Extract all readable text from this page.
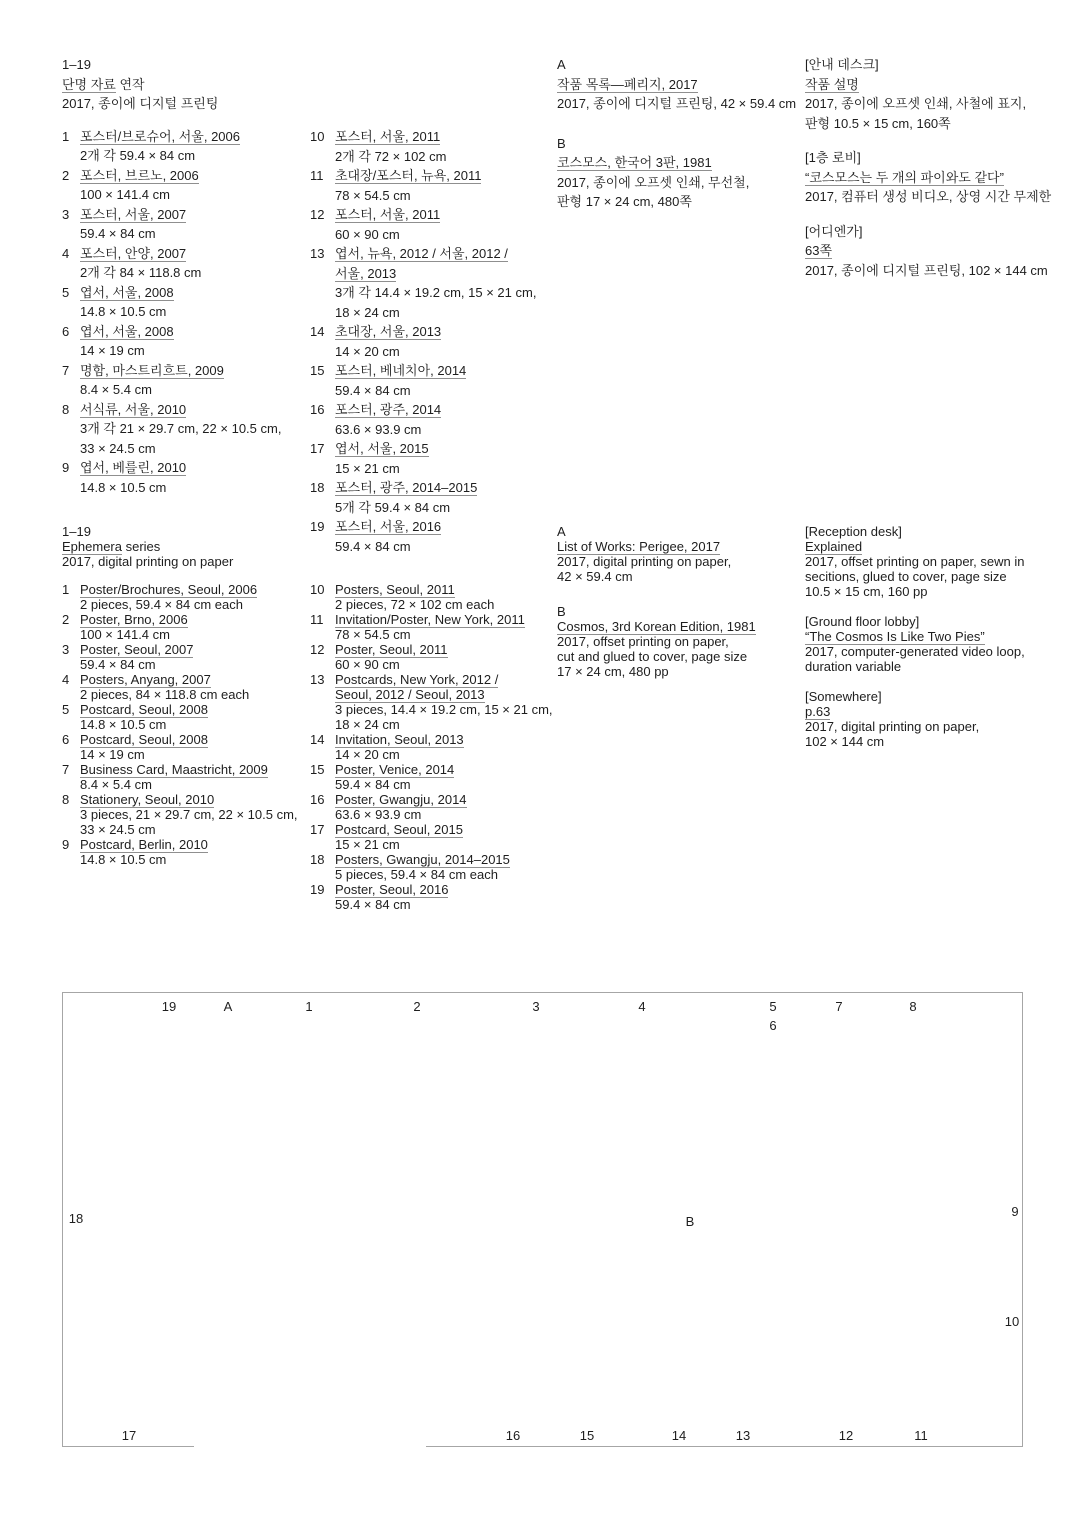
1–19
단명 자료 연작
2017, 종이에 디지털 프린팅
1 포스터/브로슈어, 서울, 2006
2개 각 59.4 × 84 cm
2 포스터, 브르노, 2006
100 × 141.4 cm
3 포스터, 서울, 2007
59.4 × 84 cm
4 포스터, 안양, 2007
2개 각 84 × 118.8 cm
5 엽서, 서울, 2008
14.8 × 10.5 cm
6 엽서, 서울, 2008
14 × 19 cm
7 명함, 마스트리흐트, 2009
8.4 × 5.4 cm
8 서식류, 서울, 2010
3개 각 21 × 29.7 cm, 22 × 10.5 cm,
33 × 24.5 cm
9 엽서, 베를린, 2010
14.8 × 10.5 cm
10 포스터, 서울, 2011
2개 각 72 × 102 cm
11 초대장/포스터, 뉴욕, 2011
78 × 54.5 cm
12 포스터, 서울, 2011
60 × 90 cm
13 엽서, 뉴욕, 2012 / 서울, 2012 /
서울, 2013
3개 각 14.4 × 19.2 cm, 15 × 21 cm,
18 × 24 cm
14 초대장, 서울, 2013
14 × 20 cm
15 포스터, 베네치아, 2014
59.4 × 84 cm
16 포스터, 광주, 2014
63.6 × 93.9 cm
17 엽서, 서울, 2015
15 × 21 cm
18 포스터, 광주, 2014–2015
5개 각 59.4 × 84 cm
19 포스터, 서울, 2016
59.4 × 84 cm
A
작품 목록—페리지, 2017
2017, 종이에 디지털 프린팅, 42 × 59.4 cm
B
코스모스, 한국어 3판, 1981
2017, 종이에 오프셋 인쇄, 무선철,
판형 17 × 24 cm, 480쪽
[안내 데스크]
작품 설명
2017, 종이에 오프셋 인쇄, 사철에 표지,
판형 10.5 × 15 cm, 160쪽
[1층 로비]
“코스모스는 두 개의 파이와도 같다”
2017, 컴퓨터 생성 비디오, 상영 시간 무제한
[어디엔가]
63쪽
2017, 종이에 디지털 프린팅, 102 × 144 cm
1–19
Ephemera series
2017, digital printing on paper
1 Poster/Brochures, Seoul, 2006
2 pieces, 59.4 × 84 cm each
2 Poster, Brno, 2006
100 × 141.4 cm
3 Poster, Seoul, 2007
59.4 × 84 cm
4 Posters, Anyang, 2007
2 pieces, 84 × 118.8 cm each
5 Postcard, Seoul, 2008
14.8 × 10.5 cm
6 Postcard, Seoul, 2008
14 × 19 cm
7 Business Card, Maastricht, 2009
8.4 × 5.4 cm
8 Stationery, Seoul, 2010
3 pieces, 21 × 29.7 cm, 22 × 10.5 cm,
33 × 24.5 cm
9 Postcard, Berlin, 2010
14.8 × 10.5 cm
10 Posters, Seoul, 2011
2 pieces, 72 × 102 cm each
11 Invitation/Poster, New York, 2011
78 × 54.5 cm
12 Poster, Seoul, 2011
60 × 90 cm
13 Postcards, New York, 2012 /
Seoul, 2012 / Seoul, 2013
3 pieces, 14.4 × 19.2 cm, 15 × 21 cm,
18 × 24 cm
14 Invitation, Seoul, 2013
14 × 20 cm
15 Poster, Venice, 2014
59.4 × 84 cm
16 Poster, Gwangju, 2014
63.6 × 93.9 cm
17 Postcard, Seoul, 2015
15 × 21 cm
18 Posters, Gwangju, 2014–2015
5 pieces, 59.4 × 84 cm each
19 Poster, Seoul, 2016
59.4 × 84 cm
A
List of Works: Perigee, 2017
2017, digital printing on paper,
42 × 59.4 cm
B
Cosmos, 3rd Korean Edition, 1981
2017, offset printing on paper,
cut and glued to cover, page size
17 × 24 cm, 480 pp
[Reception desk]
Explained
2017, offset printing on paper, sewn in
secitions, glued to cover, page size
10.5 × 15 cm, 160 pp
[Ground floor lobby]
“The Cosmos Is Like Two Pies”
2017, computer-generated video loop,
duration variable
[Somewhere]
p.63
2017, digital printing on paper,
102 × 144 cm
19	A	1	2	3	4	5
6
7	8
9
10
18	B
17	16	15	14	13	12	11
